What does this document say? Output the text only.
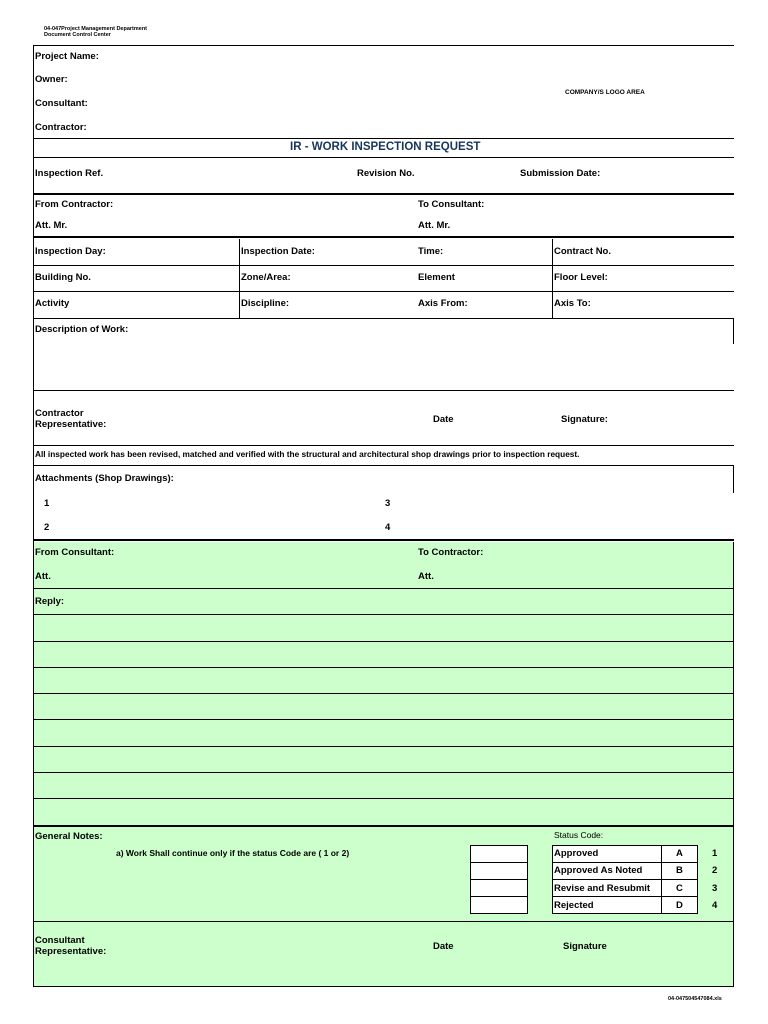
04-047Project Management Department
Document Control Center
Project Name:
Owner:
Consultant:
Contractor:
COMPANY/S LOGO AREA
IR - WORK INSPECTION REQUEST
Inspection Ref.	Revision No.	Submission Date:
From Contractor:	To Consultant:
Att. Mr.	Att. Mr.
Inspection Day:	Inspection Date:	Time:	Contract No.
Building No.	Zone/Area:	Element	Floor Level:
Activity	Discipline:	Axis From:	Axis To:
Description of Work:
Contractor
Representative:	Date	Signature:
All inspected work has been revised, matched and verified with the structural and architectural shop drawings prior to inspection request.
Attachments (Shop Drawings):
1	3
2	4
From Consultant:	To Contractor:
Att.	Att.
Reply:
General Notes:
a) Work Shall continue only if the status Code are ( 1 or 2)
Status Code:
Approved	A	1
Approved As Noted	B	2
Revise and Resubmit	C	3
Rejected	D	4
Consultant
Representative:	Date	Signature
04-047504547084.xls
